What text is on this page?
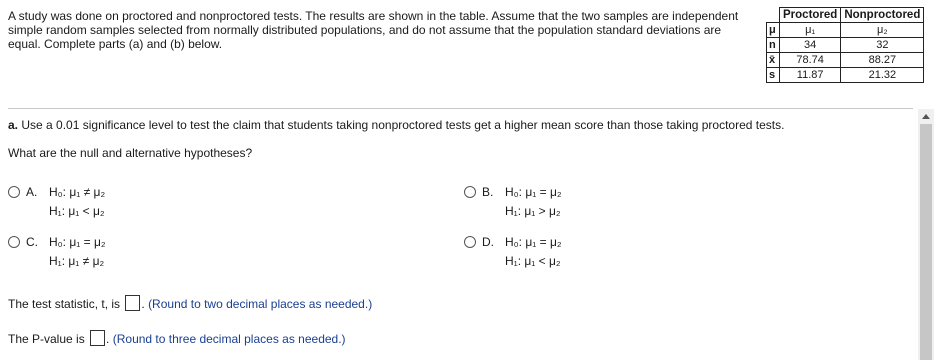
A study was done on proctored and nonproctored tests. The results are shown in the table. Assume that the two samples are independent simple random samples selected from normally distributed populations, and do not assume that the population standard deviations are equal. Complete parts (a) and (b) below.
	Proctored	Nonproctored
μ	μ₁	μ₂
n	34	32
x̄	78.74	88.27
s	11.87	21.32
a. Use a 0.01 significance level to test the claim that students taking nonproctored tests get a higher mean score than those taking proctored tests.
What are the null and alternative hypotheses?
A. H₀: μ₁ ≠ μ₂
H₁: μ₁ < μ₂
B. H₀: μ₁ = μ₂
H₁: μ₁ > μ₂
C. H₀: μ₁ = μ₂
H₁: μ₁ ≠ μ₂
D. H₀: μ₁ = μ₂
H₁: μ₁ < μ₂
The test statistic, t, is . (Round to two decimal places as needed.)
The P-value is . (Round to three decimal places as needed.)
